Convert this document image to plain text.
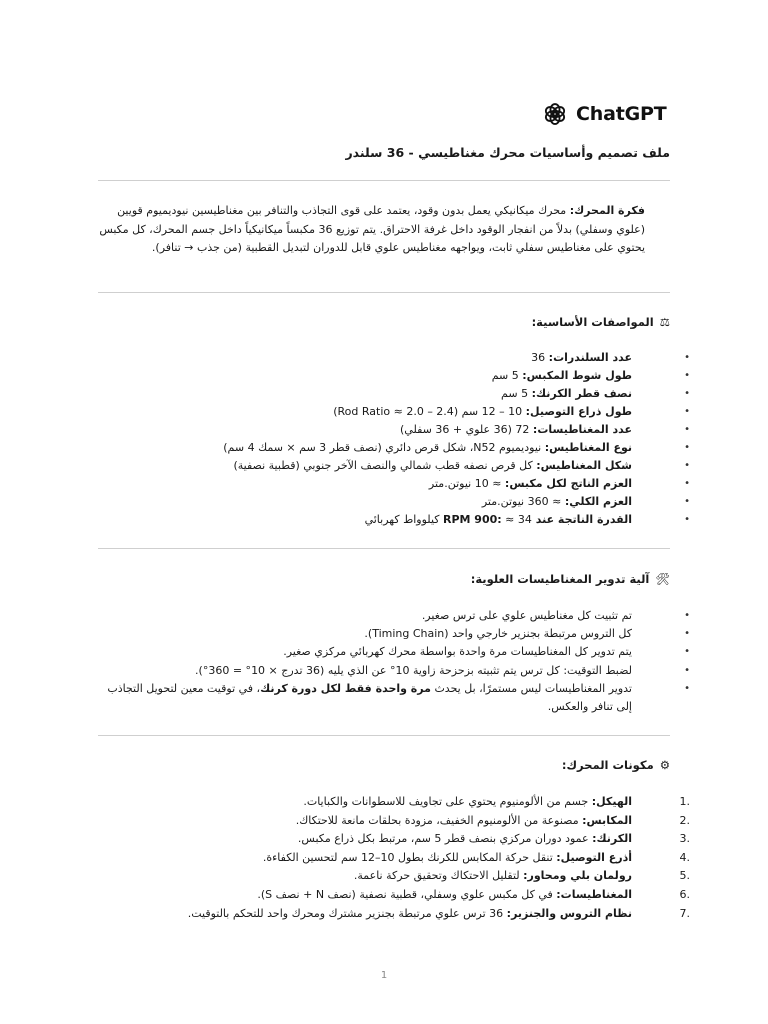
ChatGPT
ملف تصميم وأساسيات محرك مغناطيسي - 36 سلندر

فكرة المحرك: محرك ميكانيكي يعمل بدون وقود، يعتمد على قوى التجاذب والتنافر بين مغناطيسين نيوديميوم قويين (علوي وسفلي) بدلاً من انفجار الوقود داخل غرفة الاحتراق. يتم توزيع 36 مكبساً ميكانيكياً داخل جسم المحرك، كل مكبس يحتوي على مغناطيس سفلي ثابت، ويواجهه مغناطيس علوي قابل للدوران لتبديل القطبية (من جذب → تنافر).

⚖المواصفات الأساسية:
• عدد السلندرات: 36
• طول شوط المكبس: 5 سم
• نصف قطر الكرنك: 5 سم
• طول ذراع التوصيل: 10 – 12 سم (Rod Ratio ≈ 2.0 – 2.4)
• عدد المغناطيسات: 72 (36 علوي + 36 سفلي)
• نوع المغناطيس: نيوديميوم N52، شكل قرص دائري (نصف قطر 3 سم × سمك 4 سم)
• شكل المغناطيس: كل قرص نصفه قطب شمالي والنصف الآخر جنوبي (قطبية نصفية)
• العزم الناتج لكل مكبس: ≈ 10 نيوتن.متر
• العزم الكلي: ≈ 360 نيوتن.متر
• القدرة الناتجة عند RPM 900: ≈ 34 كيلوواط كهربائي
🛠آلية تدوير المغناطيسات العلوية:
• تم تثبيت كل مغناطيس علوي على ترس صغير.
• كل التروس مرتبطة بجنزير خارجي واحد (Timing Chain).
• يتم تدوير كل المغناطيسات مرة واحدة بواسطة محرك كهربائي مركزي صغير.
• لضبط التوقيت: كل ترس يتم تثبيته بزحزحة زاوية 10° عن الذي يليه (36 تدرج × 10° = 360°).
• تدوير المغناطيسات ليس مستمرًا، بل يحدث مرة واحدة فقط لكل دورة كرنك، في توقيت معين لتحويل التجاذب إلى تنافر والعكس.
⚙مكونات المحرك:
1.
الهيكل: جسم من الألومنيوم يحتوي على تجاويف للاسطوانات والكبايات.
2.
المكابس: مصنوعة من الألومنيوم الخفيف، مزودة بحلقات مانعة للاحتكاك.
3.
الكرنك: عمود دوران مركزي بنصف قطر 5 سم، مرتبط بكل ذراع مكبس.
4.
أذرع التوصيل: تنقل حركة المكابس للكرنك بطول 10–12 سم لتحسين الكفاءة.
5.
رولمان بلي ومحاور: لتقليل الاحتكاك وتحقيق حركة ناعمة.
6.
المغناطيسات: في كل مكبس علوي وسفلي، قطبية نصفية (نصف N + نصف S).
7.
نظام التروس والجنزير: 36 ترس علوي مرتبطة بجنزير مشترك ومحرك واحد للتحكم بالتوقيت.
1
